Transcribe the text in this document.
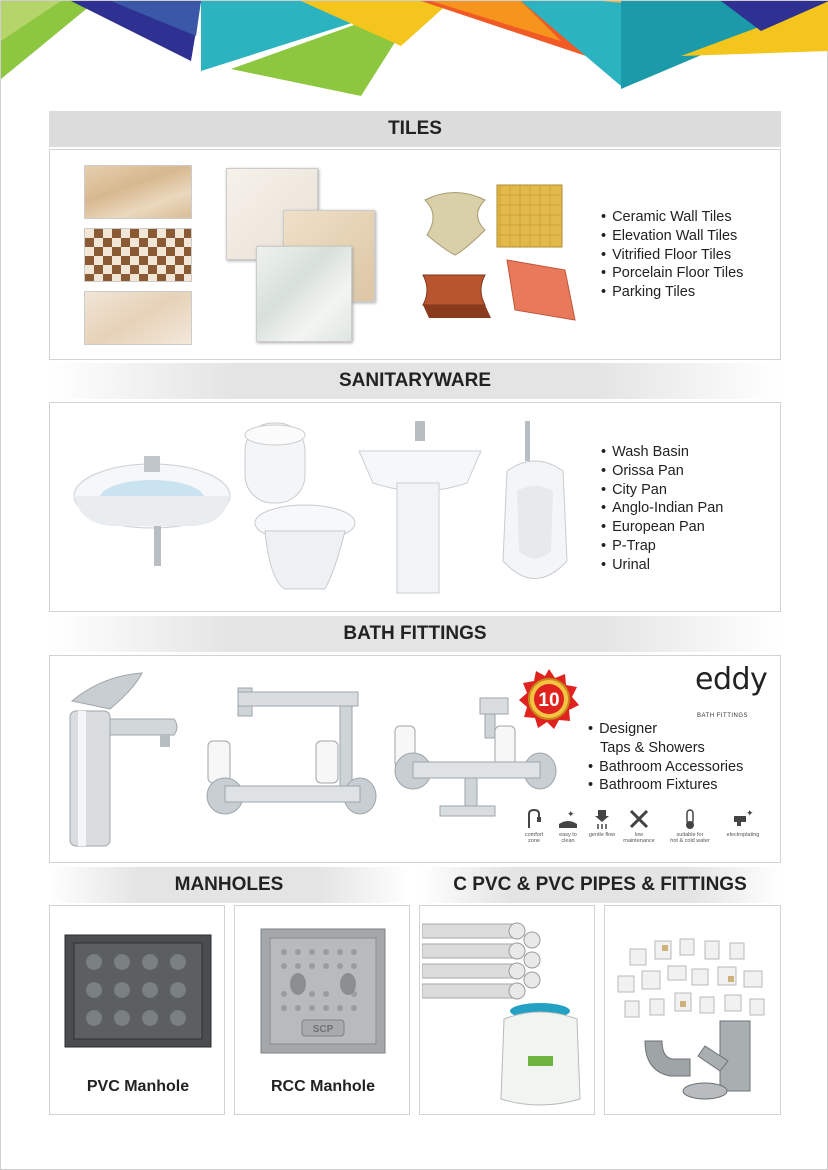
TILES
• Ceramic Wall Tiles
• Elevation Wall Tiles
• Vitrified Floor Tiles
• Porcelain Floor Tiles
• Parking Tiles
SANITARYWARE
• Wash Basin
• Orissa Pan
• City Pan
• Anglo-Indian Pan
• European Pan
• P-Trap
• Urinal
BATH FITTINGS
10
eddy
BATH FITTINGS
• Designer
Taps & Showers
• Bathroom Accessories
• Bathroom Fixtures

comfort
zone
✦

easy to
clean

gentle flow	low
maintenance

suitable for
hot & cold water
✦

electroplating
MANHOLES	C PVC & PVC PIPES & FITTINGS
PVC Manhole
SCP
RCC Manhole
